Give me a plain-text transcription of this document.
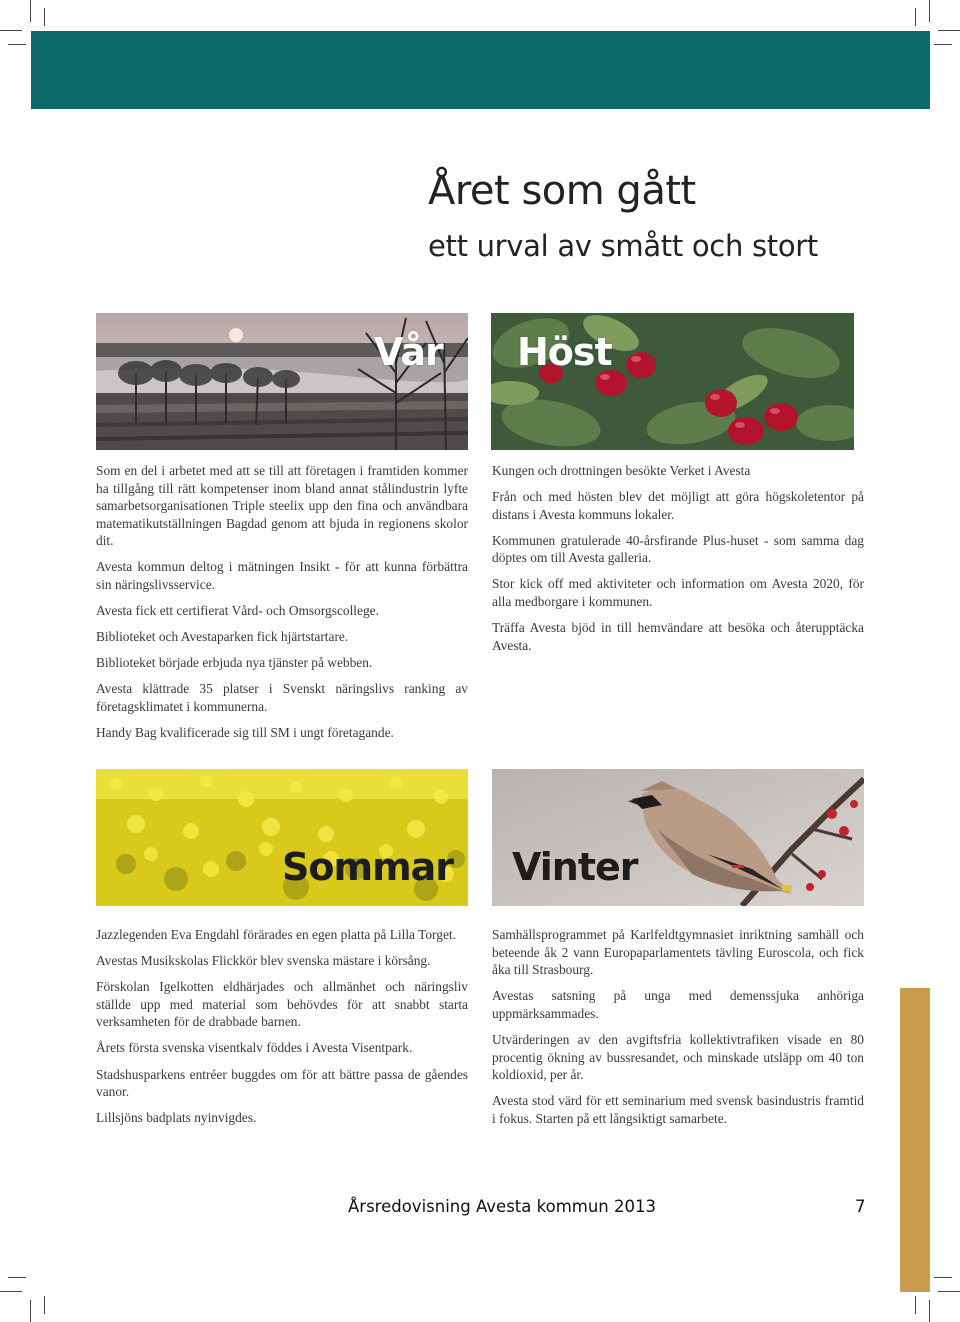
Året som gått
ett urval av smått och stort
Vår Höst

Som en del i arbetet med att se till att företagen i framtiden kommer ha tillgång till rätt kompetenser inom bland annat stålindustrin lyfte samarbetsorganisationen Triple steelix upp den fina och användbara matematikutställningen Bagdad genom att bjuda in regionens skolor dit.

Avesta kommun deltog i mätningen Insikt - för att kunna förbättra sin näringslivsservice.

Avesta fick ett certifierat Vård- och Omsorgscollege.

Biblioteket och Avestaparken fick hjärtstartare.

Biblioteket började erbjuda nya tjänster på webben.

Avesta klättrade 35 platser i Svenskt näringslivs ranking av företagsklimatet i kommunerna.

Handy Bag kvalificerade sig till SM i ungt företagande.

Kungen och drottningen besökte Verket i Avesta

Från och med hösten blev det möjligt att göra högskoletentor på distans i Avesta kommuns lokaler.

Kommunen gratulerade 40-årsfirande Plus-huset - som samma dag döptes om till Avesta galleria.

Stor kick off med aktiviteter och information om Avesta 2020, för alla medborgare i kommunen.

Träffa Avesta bjöd in till hemvändare att besöka och återupptäcka Avesta.

Sommar Vinter

Jazzlegenden Eva Engdahl förärades en egen platta på Lilla Torget.

Avestas Musikskolas Flickkör blev svenska mästare i körsång.

Förskolan Igelkotten eldhärjades och allmänhet och näringsliv ställde upp med material som behövdes för att snabbt starta verksamheten för de drabbade barnen.

Årets första svenska visentkalv föddes i Avesta Visentpark.

Stadshusparkens entréer buggdes om för att bättre passa de gåendes vanor.

Lillsjöns badplats nyinvigdes.

Samhällsprogrammet på Karlfeldtgymnasiet inriktning samhäll och beteende åk 2 vann Europaparlamentets tävling Euroscola, och fick åka till Strasbourg.

Avestas satsning på unga med demenssjuka anhöriga uppmärksammades.

Utvärderingen av den avgiftsfria kollektivtrafiken visade en 80 procentig ökning av bussresandet, och minskade utsläpp om 40 ton koldioxid, per år.

Avesta stod värd för ett seminarium med svensk basindustris framtid i fokus. Starten på ett långsiktigt samarbete.

Årsredovisning Avesta kommun 2013	7
